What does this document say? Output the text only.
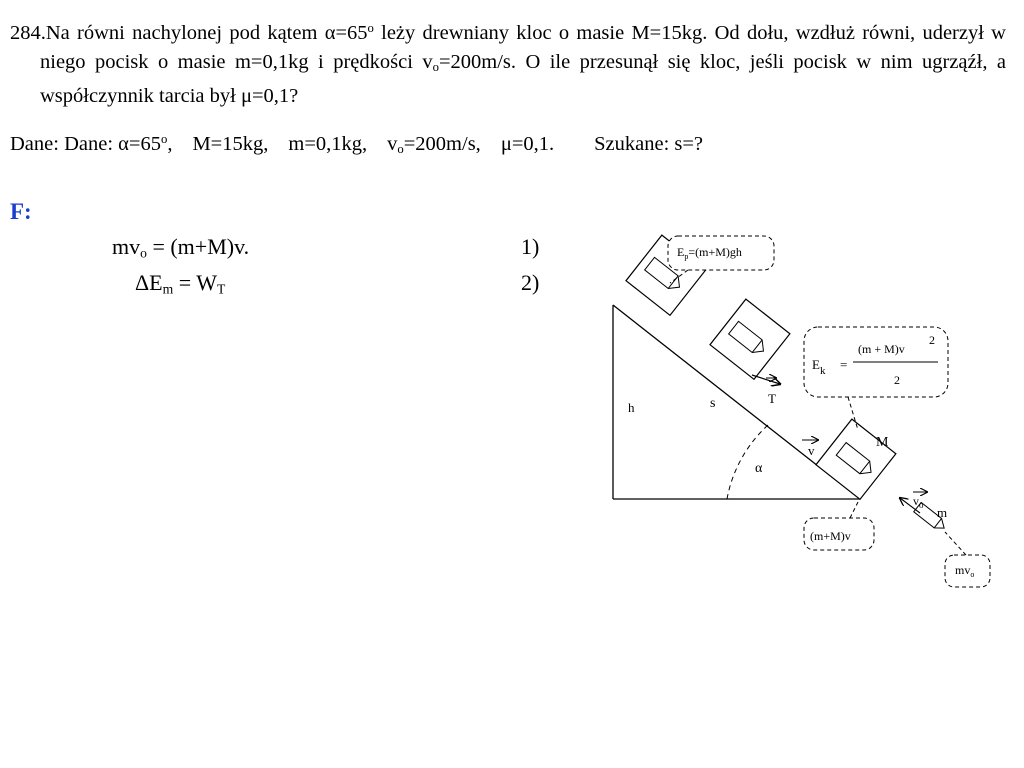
284.Na równi nachylonej pod kątem $\alpha=65^o$ leży drewniany kloc o masie M=15kg. Od dołu, wzdłuż równi, uderzył w niego pocisk o masie m=0,1kg i prędkości $v_o=200m/s$. O ile przesunął się kloc, jeśli pocisk w nim ugrząźł, a współczynnik tarcia był μ=0,1?

Dane: Dane: $\alpha=65^o$, M=15kg, m=0,1kg, $v_o=200m/s$, μ=0,1. Szukane: s=?
F:
$mv_o = (m+M)v$.	1)
$\Delta E_m = W_T$	2)
α
T
s
h
v
M
$v_o$ m
$E_p=(m+M)gh$
$E_k$ =
(m + M)v
2
2
(m+M)v
$mv_o$
